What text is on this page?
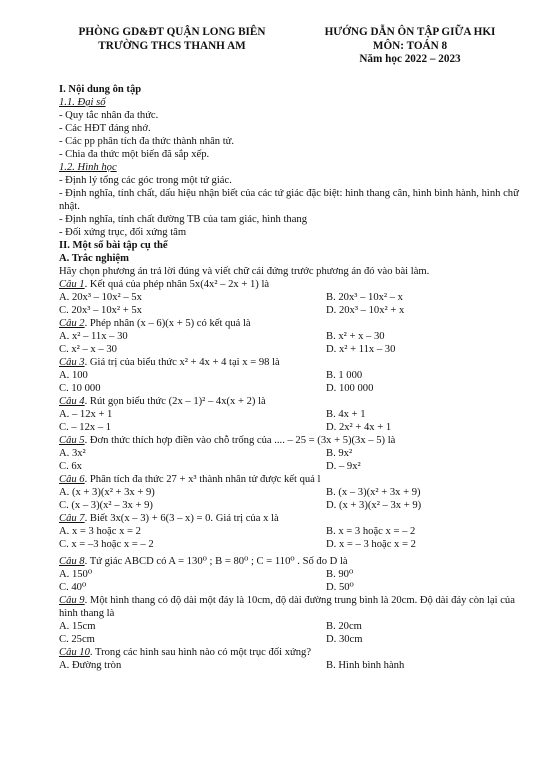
PHÒNG GD&ĐT QUẬN LONG BIÊN
TRƯỜNG THCS THANH AM
HƯỚNG DẪN ÔN TẬP GIỮA HKI
MÔN: TOÁN 8
Năm học 2022 – 2023
I. Nội dung ôn tập
1.1. Đại số
- Quy tắc nhân đa thức.
- Các HĐT đáng nhớ.
- Các pp phân tích đa thức thành nhân tử.
- Chia đa thức một biến đã sắp xếp.
1.2. Hình học
- Định lý tổng các góc trong một tứ giác.
- Định nghĩa, tính chất, dấu hiệu nhận biết của các tứ giác đặc biệt: hình thang cân, hình bình hành, hình chữ nhật.
- Định nghĩa, tính chất đường TB của tam giác, hình thang
- Đối xứng trục, đối xứng tâm
II. Một số bài tập cụ thể
A. Trắc nghiệm
Hãy chọn phương án trả lời đúng và viết chữ cái đứng trước phương án đó vào bài làm.
Câu 1. Kết quả của phép nhân 5x(4x² – 2x + 1) là
A. 20x³ – 10x² – 5x	B. 20x³ – 10x² – x
C. 20x³ – 10x² + 5x	D. 20x³ – 10x² + x
Câu 2. Phép nhân (x – 6)(x + 5) có kết quả là
A. x² – 11x – 30	B. x² + x – 30
C. x² – x – 30	D. x² + 11x – 30
Câu 3. Giá trị của biểu thức x² + 4x + 4 tại x = 98 là
A. 100	B. 1 000
C. 10 000	D. 100 000
Câu 4. Rút gọn biểu thức (2x – 1)² – 4x(x + 2) là
A. – 12x + 1	B. 4x + 1
C. – 12x – 1	D. 2x² + 4x + 1
Câu 5. Đơn thức thích hợp điền vào chỗ trống của .... – 25 = (3x + 5)(3x – 5) là
A. 3x²	B. 9x²
C. 6x	D. – 9x²
Câu 6. Phân tích đa thức 27 + x³ thành nhân tử được kết quả l
A. (x + 3)(x² + 3x + 9)	B. (x – 3)(x² + 3x + 9)
C. (x – 3)(x² – 3x + 9)	D. (x + 3)(x² – 3x + 9)
Câu 7. Biết 3x(x – 3) + 6(3 – x) = 0. Giá trị của x là
A. x = 3 hoặc x = 2	B. x = 3 hoặc x = – 2
C. x = –3 hoặc x = – 2	D. x = – 3 hoặc x = 2
Câu 8. Tứ giác ABCD có A = 130⁰ ; B = 80⁰ ; C = 110⁰ . Số đo D là
A. 150⁰	B. 90⁰
C. 40⁰	D. 50⁰
Câu 9. Một hình thang có độ dài một đáy là 10cm, độ dài đường trung bình là 20cm. Độ dài đáy còn lại của hình thang là
A. 15cm	B. 20cm
C. 25cm	D. 30cm
Câu 10. Trong các hình sau hình nào có một trục đối xứng?
A. Đường tròn	B. Hình bình hành
